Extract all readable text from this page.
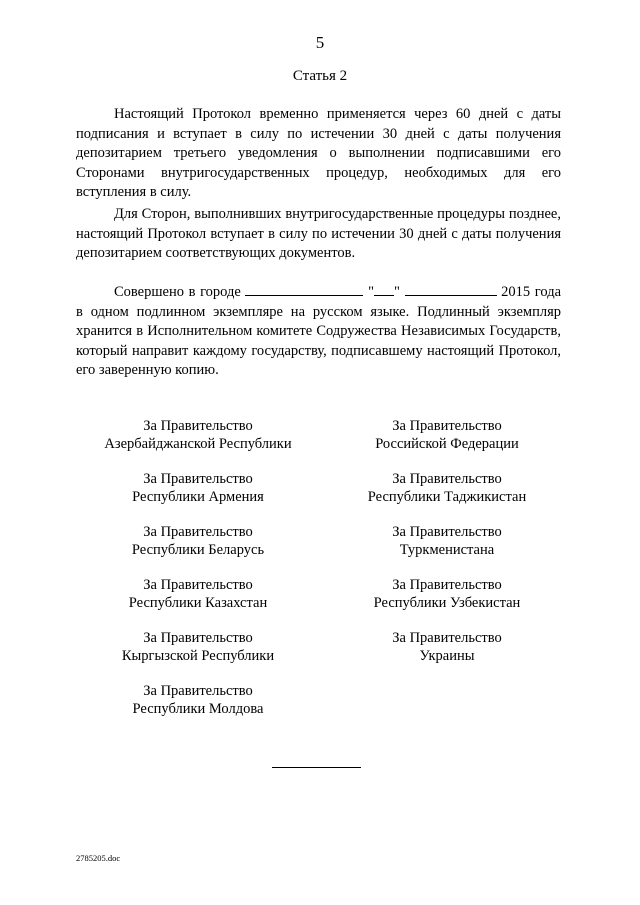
5
Статья 2

Настоящий Протокол временно применяется через 60 дней с даты подписания и вступает в силу по истечении 30 дней с даты получения депозитарием третьего уведомления о выполнении подписавшими его Сторонами внутригосударственных процедур, необходимых для его вступления в силу.

Для Сторон, выполнивших внутригосударственные процедуры позднее, настоящий Протокол вступает в силу по истечении 30 дней с даты получения депозитарием соответствующих документов.

Совершено в городе	" "	2015 года в одном подлинном экземпляре на русском языке. Подлинный экземпляр хранится в Исполнительном комитете Содружества Независимых Государств, который направит каждому государству, подписавшему настоящий Протокол, его заверенную копию.

За Правительство
Азербайджанской Республики
За Правительство
Республики Армения
За Правительство
Республики Беларусь
За Правительство
Республики Казахстан
За Правительство
Кыргызской Республики
За Правительство
Республики Молдова
За Правительство
Российской Федерации
За Правительство
Республики Таджикистан
За Правительство
Туркменистана
За Правительство
Республики Узбекистан
За Правительство
Украины
2785205.doc
